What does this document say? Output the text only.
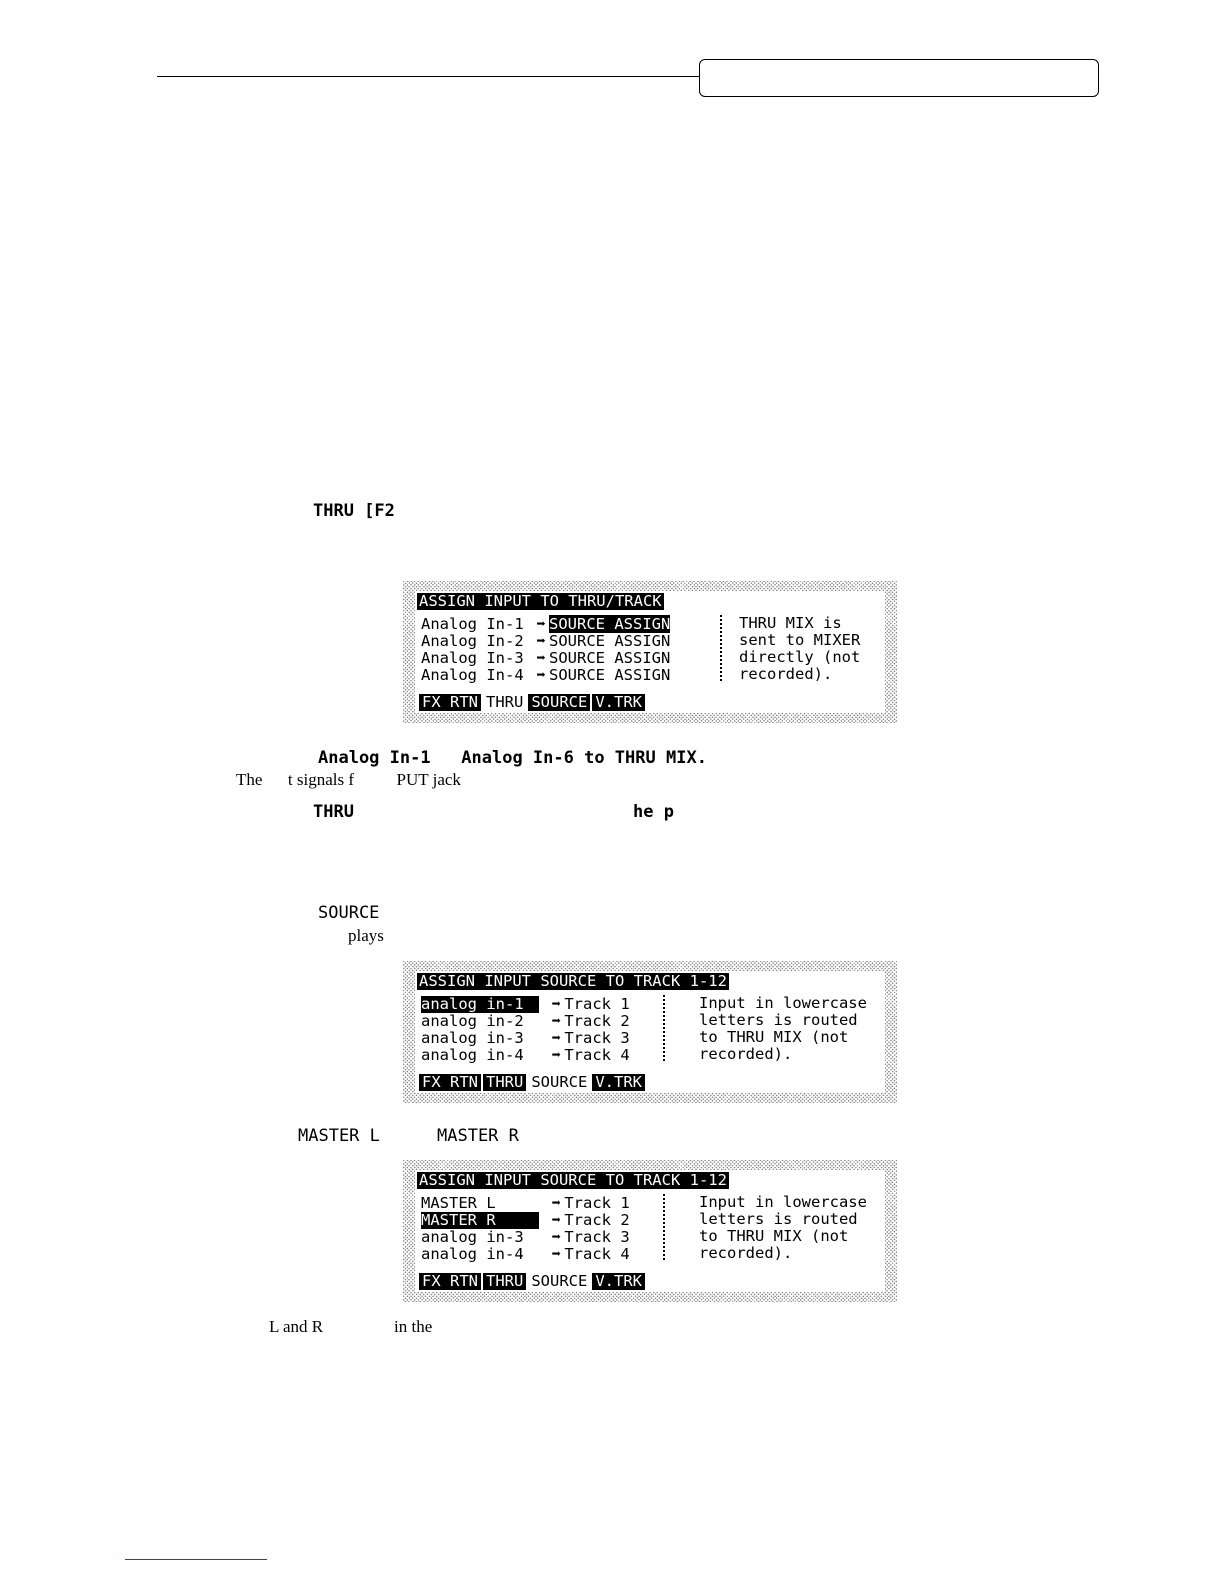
THRU [F2
ASSIGN INPUT TO THRU/TRACK
Analog In-1 ➡ SOURCE ASSIGN
Analog In-2 ➡ SOURCE ASSIGN
Analog In-3 ➡ SOURCE ASSIGN
Analog In-4 ➡ SOURCE ASSIGN
THRU MIX is
sent to MIXER
directly (not
recorded).
FX RTN THRU SOURCE V.TRK
Analog In-1   Analog In-6 to THRU MIX.
The      t signals f          PUT jack
THRU	he p
SOURCE
plays
ASSIGN INPUT SOURCE TO TRACK 1-12
analog in-1 ➡ Track 1
analog in-2 ➡ Track 2
analog in-3 ➡ Track 3
analog in-4 ➡ Track 4
Input in lowercase
letters is routed
to THRU MIX (not
recorded).
FX RTN THRU SOURCE V.TRK
MASTER L	MASTER R
ASSIGN INPUT SOURCE TO TRACK 1-12
MASTER L	➡ Track 1
MASTER R	➡ Track 2
analog in-3 ➡ Track 3
analog in-4 ➡ Track 4
Input in lowercase
letters is routed
to THRU MIX (not
recorded).
FX RTN THRU SOURCE V.TRK
L and R	in the
